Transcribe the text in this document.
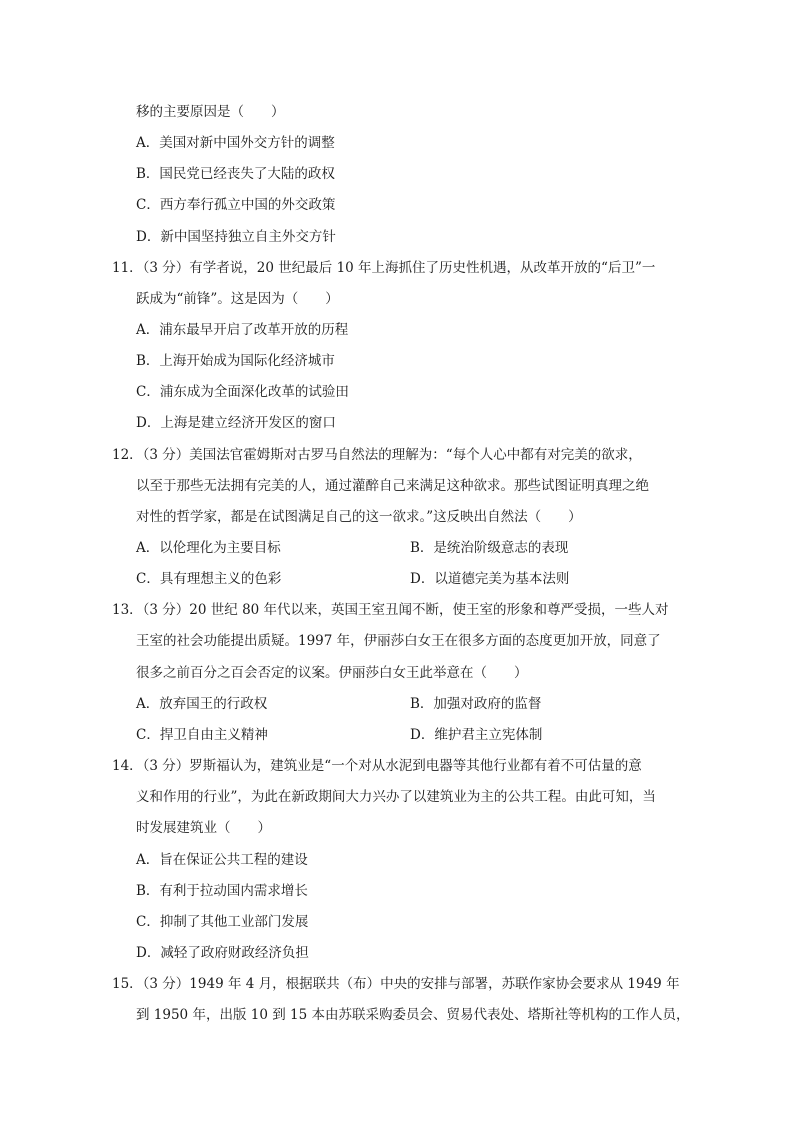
移的主要原因是（　　）
A．美国对新中国外交方针的调整
B．国民党已经丧失了大陆的政权
C．西方奉行孤立中国的外交政策
D．新中国坚持独立自主外交方针
11．（3 分）有学者说，20 世纪最后 10 年上海抓住了历史性机遇，从改革开放的“后卫”一
跃成为“前锋”。这是因为（　　）
A．浦东最早开启了改革开放的历程
B．上海开始成为国际化经济城市
C．浦东成为全面深化改革的试验田
D．上海是建立经济开发区的窗口
12．（3 分）美国法官霍姆斯对古罗马自然法的理解为：“每个人心中都有对完美的欲求，
以至于那些无法拥有完美的人，通过灌醉自己来满足这种欲求。那些试图证明真理之绝
对性的哲学家，都是在试图满足自己的这一欲求。”这反映出自然法（　　）
A．以伦理化为主要目标	B．是统治阶级意志的表现
C．具有理想主义的色彩	D．以道德完美为基本法则
13．（3 分）20 世纪 80 年代以来，英国王室丑闻不断，使王室的形象和尊严受损，一些人对
王室的社会功能提出质疑。1997 年，伊丽莎白女王在很多方面的态度更加开放，同意了
很多之前百分之百会否定的议案。伊丽莎白女王此举意在（　　）
A．放弃国王的行政权	B．加强对政府的监督
C．捍卫自由主义精神	D．维护君主立宪体制
14．（3 分）罗斯福认为，建筑业是“一个对从水泥到电器等其他行业都有着不可估量的意
义和作用的行业”，为此在新政期间大力兴办了以建筑业为主的公共工程。由此可知，当
时发展建筑业（　　）
A．旨在保证公共工程的建设
B．有利于拉动国内需求增长
C．抑制了其他工业部门发展
D．减轻了政府财政经济负担
15．（3 分）1949 年 4 月，根据联共（布）中央的安排与部署，苏联作家协会要求从 1949 年
到 1950 年，出版 10 到 15 本由苏联采购委员会、贸易代表处、塔斯社等机构的工作人员，
